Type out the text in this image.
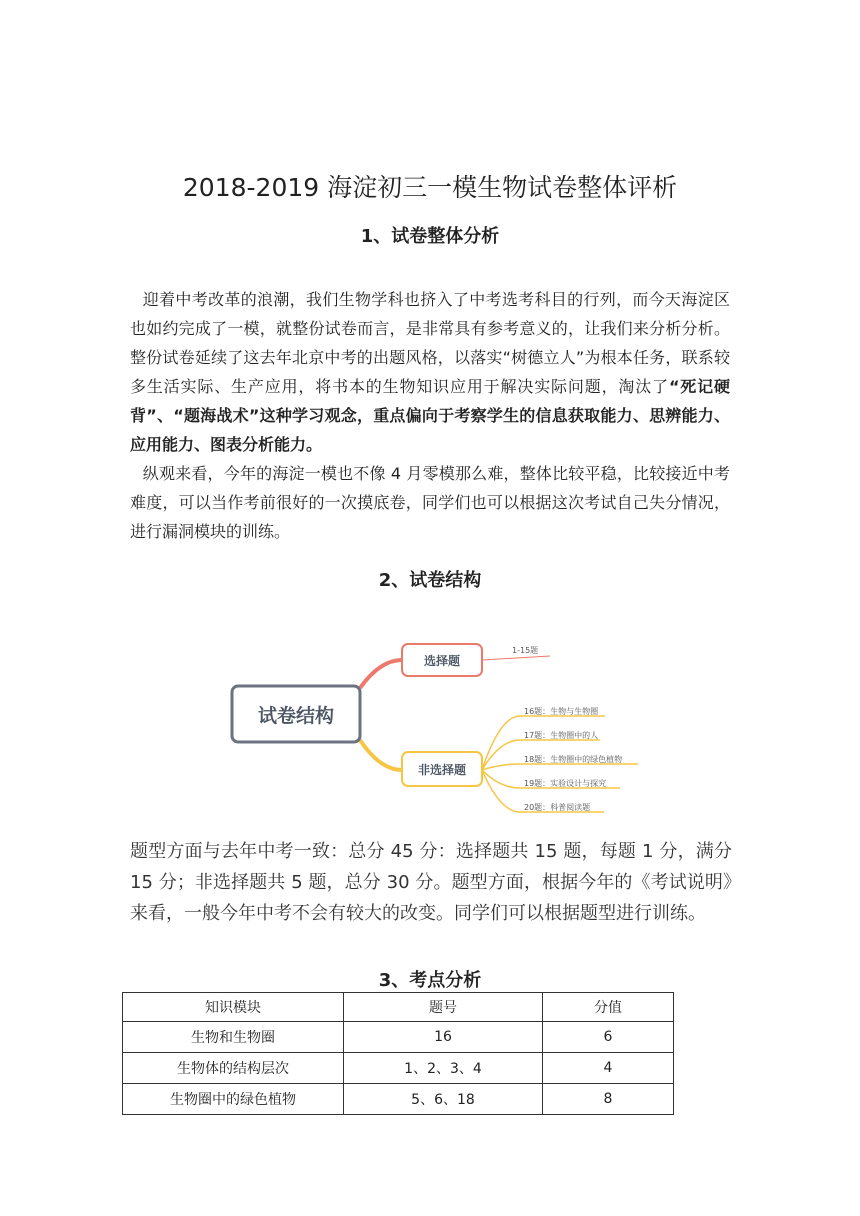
2018-2019 海淀初三一模生物试卷整体评析
1、试卷整体分析

迎着中考改革的浪潮，我们生物学科也挤入了中考选考科目的行列，而今天海淀区也如约完成了一模，就整份试卷而言，是非常具有参考意义的，让我们来分析分析。整份试卷延续了这去年北京中考的出题风格，以落实“树德立人”为根本任务，联系较多生活实际、生产应用，将书本的生物知识应用于解决实际问题，淘汰了“死记硬背”、“题海战术”这种学习观念，重点偏向于考察学生的信息获取能力、思辨能力、应用能力、图表分析能力。

纵观来看，今年的海淀一模也不像 4 月零模那么难，整体比较平稳，比较接近中考难度，可以当作考前很好的一次摸底卷，同学们也可以根据这次考试自己失分情况，进行漏洞模块的训练。

2、试卷结构
试卷结构
选择题
1-15题
非选择题
16题：生物与生物圈
17题：生物圈中的人
18题：生物圈中的绿色植物
19题：实验设计与探究
20题：科普阅读题

题型方面与去年中考一致：总分 45 分：选择题共 15 题，每题 1 分，满分 15 分；非选择题共 5 题，总分 30 分。题型方面，根据今年的《考试说明》来看，一般今年中考不会有较大的改变。同学们可以根据题型进行训练。

3、考点分析
知识模块	题号	分值
生物和生物圈	16	6
生物体的结构层次	1、2、3、4	4
生物圈中的绿色植物	5、6、18	8
